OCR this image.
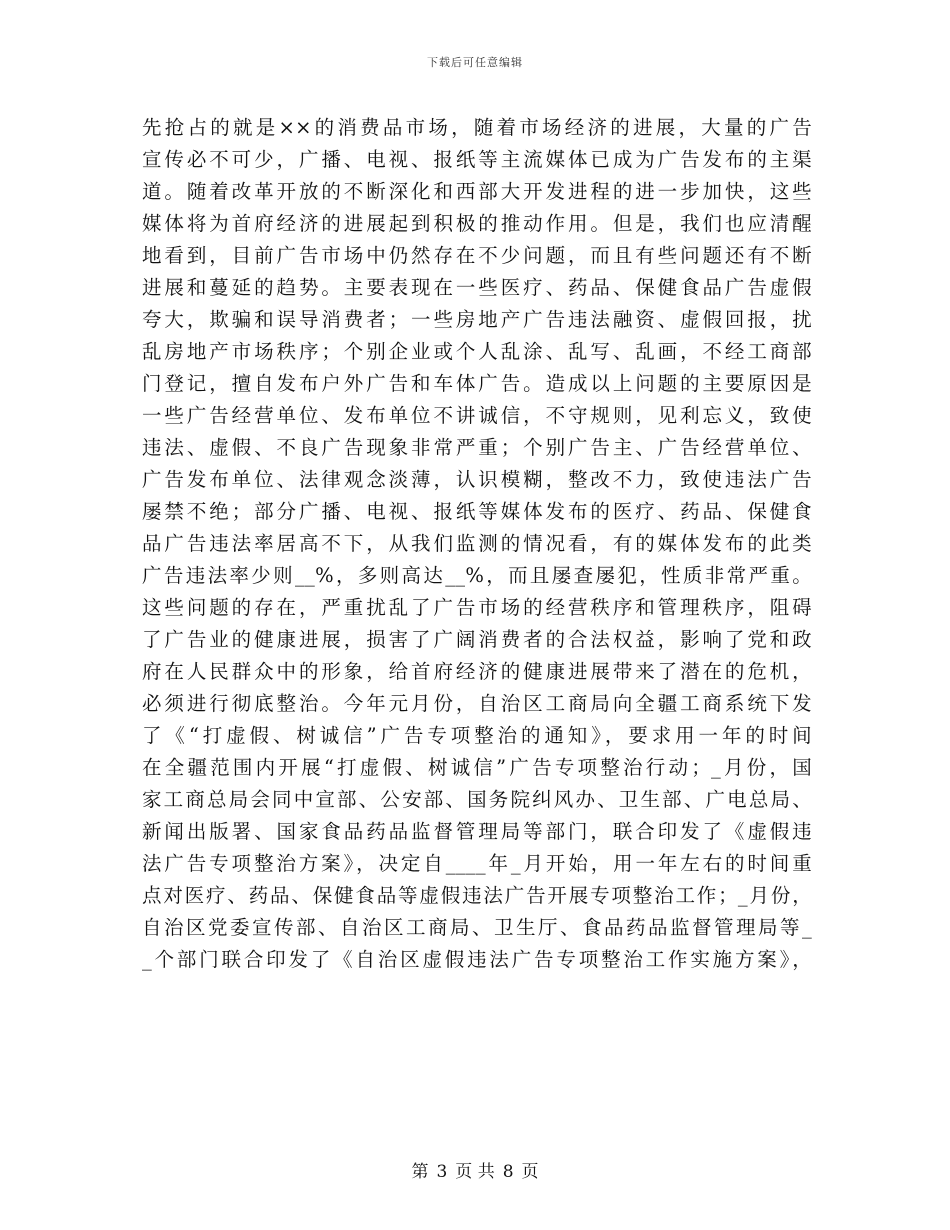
下载后可任意编辑
先抢占的就是××的消费品市场，随着市场经济的进展，大量的广告
宣传必不可少，广播、电视、报纸等主流媒体已成为广告发布的主渠
道。随着改革开放的不断深化和西部大开发进程的进一步加快，这些
媒体将为首府经济的进展起到积极的推动作用。但是，我们也应清醒
地看到，目前广告市场中仍然存在不少问题，而且有些问题还有不断
进展和蔓延的趋势。主要表现在一些医疗、药品、保健食品广告虚假
夸大，欺骗和误导消费者；一些房地产广告违法融资、虚假回报，扰
乱房地产市场秩序；个别企业或个人乱涂、乱写、乱画，不经工商部
门登记，擅自发布户外广告和车体广告。造成以上问题的主要原因是
一些广告经营单位、发布单位不讲诚信，不守规则，见利忘义，致使
违法、虚假、不良广告现象非常严重；个别广告主、广告经营单位、
广告发布单位、法律观念淡薄，认识模糊，整改不力，致使违法广告
屡禁不绝；部分广播、电视、报纸等媒体发布的医疗、药品、保健食
品广告违法率居高不下，从我们监测的情况看，有的媒体发布的此类
广告违法率少则__%，多则高达__%，而且屡查屡犯，性质非常严重。
这些问题的存在，严重扰乱了广告市场的经营秩序和管理秩序，阻碍
了广告业的健康进展，损害了广阔消费者的合法权益，影响了党和政
府在人民群众中的形象，给首府经济的健康进展带来了潜在的危机，
必须进行彻底整治。今年元月份，自治区工商局向全疆工商系统下发
了《“打虚假、树诚信”广告专项整治的通知》，要求用一年的时间
在全疆范围内开展“打虚假、树诚信”广告专项整治行动；_月份，国
家工商总局会同中宣部、公安部、国务院纠风办、卫生部、广电总局、
新闻出版署、国家食品药品监督管理局等部门，联合印发了《虚假违
法广告专项整治方案》，决定自____年_月开始，用一年左右的时间重
点对医疗、药品、保健食品等虚假违法广告开展专项整治工作；_月份，
自治区党委宣传部、自治区工商局、卫生厅、食品药品监督管理局等_
_个部门联合印发了《自治区虚假违法广告专项整治工作实施方案》，
第 3 页 共 8 页
